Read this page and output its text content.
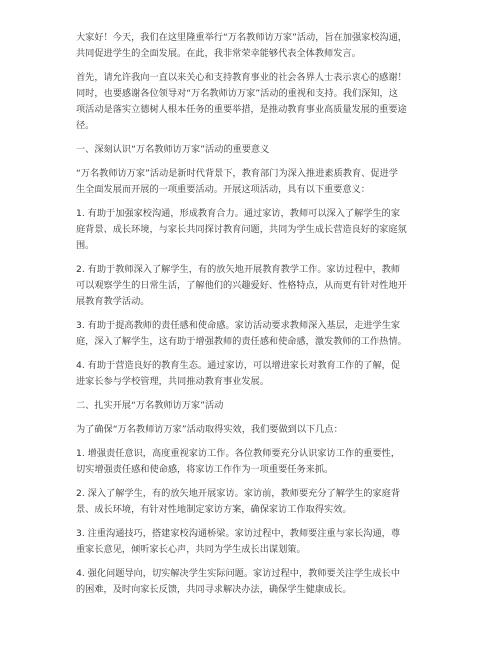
大家好！今天，我们在这里隆重举行“万名教师访万家”活动，旨在加强家校沟通，
共同促进学生的全面发展。在此，我非常荣幸能够代表全体教师发言。

首先，请允许我向一直以来关心和支持教育事业的社会各界人士表示衷心的感谢！
同时，也要感谢各位领导对“万名教师访万家”活动的重视和支持。我们深知，这
项活动是落实立德树人根本任务的重要举措，是推动教育事业高质量发展的重要途
径。

一、深刻认识“万名教师访万家”活动的重要意义

“万名教师访万家”活动是新时代背景下，教育部门为深入推进素质教育、促进学
生全面发展而开展的一项重要活动。开展这项活动，具有以下重要意义：

1. 有助于加强家校沟通，形成教育合力。通过家访，教师可以深入了解学生的家
庭背景、成长环境，与家长共同探讨教育问题，共同为学生成长营造良好的家庭氛
围。

2. 有助于教师深入了解学生，有的放矢地开展教育教学工作。家访过程中，教师
可以观察学生的日常生活，了解他们的兴趣爱好、性格特点，从而更有针对性地开
展教育教学活动。

3. 有助于提高教师的责任感和使命感。家访活动要求教师深入基层，走进学生家
庭，深入了解学生，这有助于增强教师的责任感和使命感，激发教师的工作热情。

4. 有助于营造良好的教育生态。通过家访，可以增进家长对教育工作的了解，促
进家长参与学校管理，共同推动教育事业发展。

二、扎实开展“万名教师访万家”活动

为了确保“万名教师访万家”活动取得实效，我们要做到以下几点：

1. 增强责任意识，高度重视家访工作。各位教师要充分认识家访工作的重要性，
切实增强责任感和使命感，将家访工作作为一项重要任务来抓。

2. 深入了解学生，有的放矢地开展家访。家访前，教师要充分了解学生的家庭背
景、成长环境，有针对性地制定家访方案，确保家访工作取得实效。

3. 注重沟通技巧，搭建家校沟通桥梁。家访过程中，教师要注重与家长沟通，尊
重家长意见，倾听家长心声，共同为学生成长出谋划策。

4. 强化问题导向，切实解决学生实际问题。家访过程中，教师要关注学生成长中
的困难，及时向家长反馈，共同寻求解决办法，确保学生健康成长。
